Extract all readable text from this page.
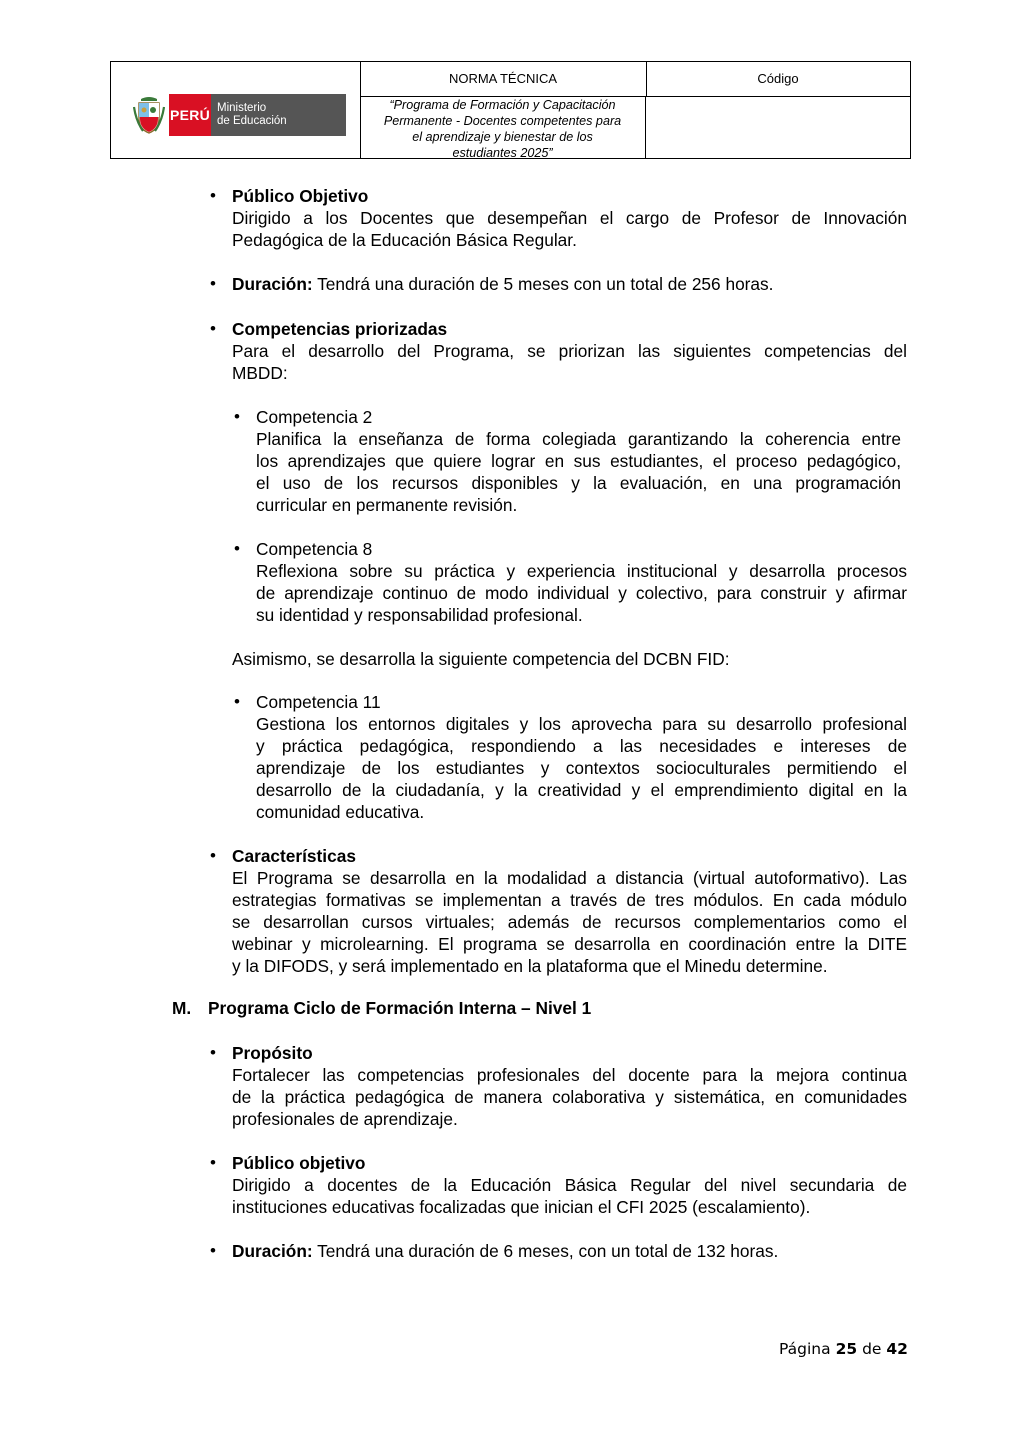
PERÚ Ministerio
de Educación
NORMA TÉCNICA	Código
“Programa de Formación y Capacitación
Permanente - Docentes competentes para
el aprendizaje y bienestar de los
estudiantes 2025”
• Público Objetivo
Dirigido a los Docentes que desempeñan el cargo de Profesor de Innovación
Pedagógica de la Educación Básica Regular.
• Duración: Tendrá una duración de 5 meses con un total de 256 horas.
• Competencias priorizadas
Para el desarrollo del Programa, se priorizan las siguientes competencias del
MBDD:
• Competencia 2
Planifica la enseñanza de forma colegiada garantizando la coherencia entre
los aprendizajes que quiere lograr en sus estudiantes, el proceso pedagógico,
el uso de los recursos disponibles y la evaluación, en una programación
curricular en permanente revisión.
• Competencia 8
Reflexiona sobre su práctica y experiencia institucional y desarrolla procesos
de aprendizaje continuo de modo individual y colectivo, para construir y afirmar
su identidad y responsabilidad profesional.
Asimismo, se desarrolla la siguiente competencia del DCBN FID:
• Competencia 11
Gestiona los entornos digitales y los aprovecha para su desarrollo profesional
y práctica pedagógica, respondiendo a las necesidades e intereses de
aprendizaje de los estudiantes y contextos socioculturales permitiendo el
desarrollo de la ciudadanía, y la creatividad y el emprendimiento digital en la
comunidad educativa.
• Características
El Programa se desarrolla en la modalidad a distancia (virtual autoformativo). Las
estrategias formativas se implementan a través de tres módulos. En cada módulo
se desarrollan cursos virtuales; además de recursos complementarios como el
webinar y microlearning. El programa se desarrolla en coordinación entre la DITE
y la DIFODS, y será implementado en la plataforma que el Minedu determine.
M. Programa Ciclo de Formación Interna – Nivel 1
• Propósito
Fortalecer las competencias profesionales del docente para la mejora continua
de la práctica pedagógica de manera colaborativa y sistemática, en comunidades
profesionales de aprendizaje.
• Público objetivo
Dirigido a docentes de la Educación Básica Regular del nivel secundaria de
instituciones educativas focalizadas que inician el CFI 2025 (escalamiento).
• Duración: Tendrá una duración de 6 meses, con un total de 132 horas.
Página 25 de 42
